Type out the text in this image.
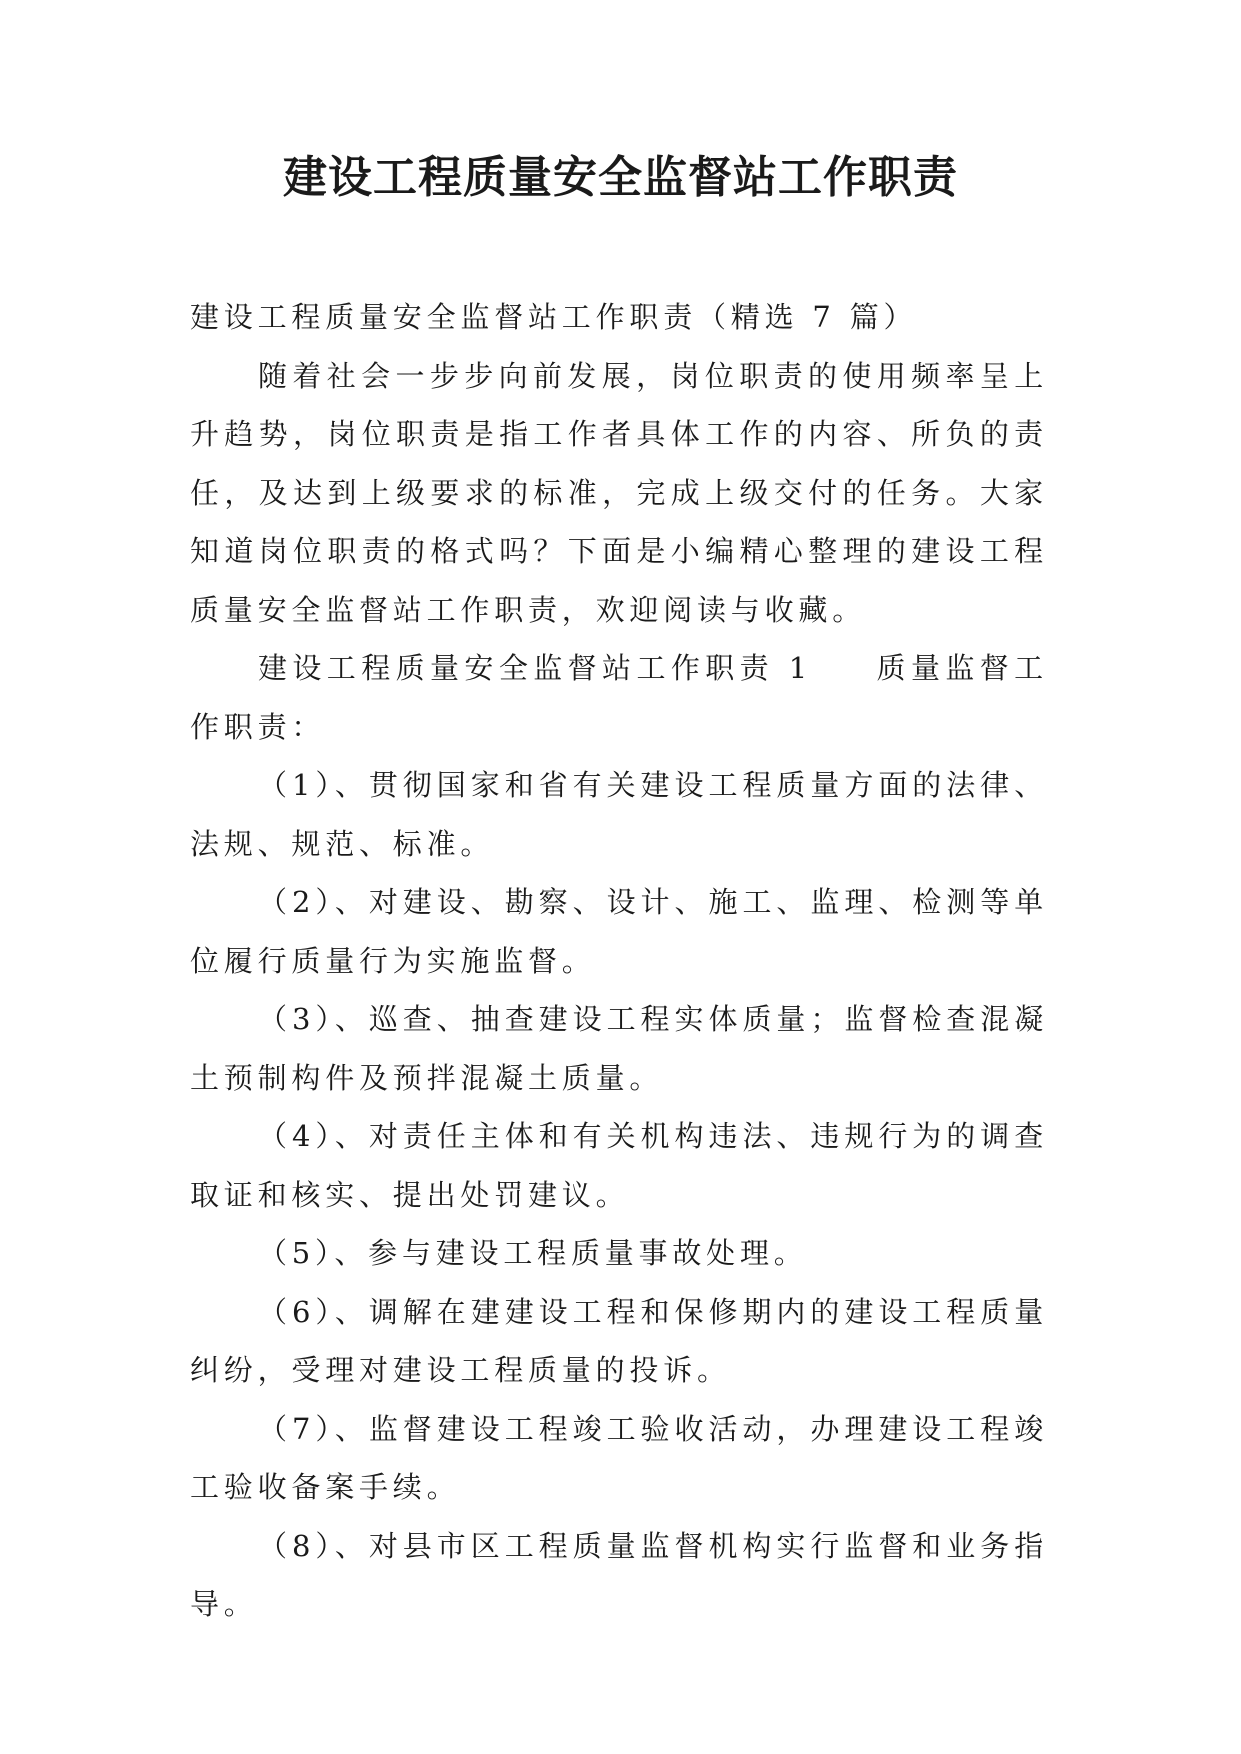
建设工程质量安全监督站工作职责

建设工程质量安全监督站工作职责（精选 7 篇）

随着社会一步步向前发展，岗位职责的使用频率呈上升趋势，岗位职责是指工作者具体工作的内容、所负的责任，及达到上级要求的标准，完成上级交付的任务。大家知道岗位职责的格式吗？下面是小编精心整理的建设工程质量安全监督站工作职责，欢迎阅读与收藏。

建设工程质量安全监督站工作职责 1 质量监督工作职责：

（1）、贯彻国家和省有关建设工程质量方面的法律、法规、规范、标准。

（2）、对建设、勘察、设计、施工、监理、检测等单位履行质量行为实施监督。

（3）、巡查、抽查建设工程实体质量；监督检查混凝土预制构件及预拌混凝土质量。

（4）、对责任主体和有关机构违法、违规行为的调查取证和核实、提出处罚建议。

（5）、参与建设工程质量事故处理。

（6）、调解在建建设工程和保修期内的建设工程质量纠纷，受理对建设工程质量的投诉。

（7）、监督建设工程竣工验收活动，办理建设工程竣工验收备案手续。

（8）、对县市区工程质量监督机构实行监督和业务指导。
